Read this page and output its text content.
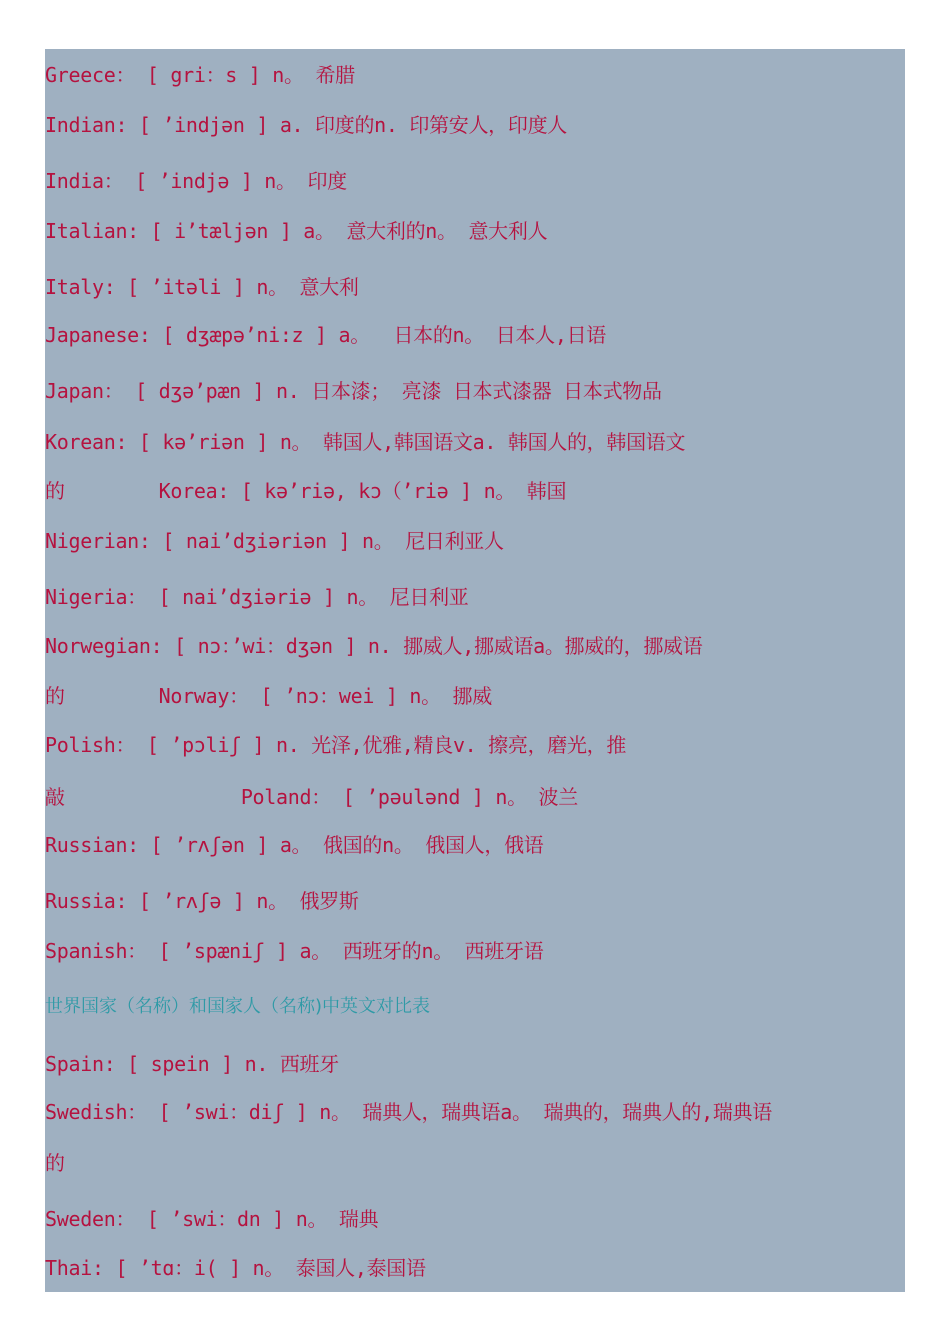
Greece： [ gri：s ] n。 希腊
Indian: [ ’indjən ] a. 印度的n. 印第安人，印度人
India： [ ’indjə ] n。 印度
Italian: [ i’tæljən ] a。 意大利的n。 意大利人
Italy: [ ’itəli ] n。 意大利
Japanese: [ dʒæpə’ni:z ] a。  日本的n。 日本人,日语
Japan： [ dʒə’pæn ] n. 日本漆； 亮漆 日本式漆器 日本式物品
Korean: [ kə’riən ] n。 韩国人,韩国语文a. 韩国人的，韩国语文
的        Korea: [ kə’riə, kɔ（’riə ] n。 韩国
Nigerian: [ nai’dʒiəriən ] n。 尼日利亚人
Nigeria： [ nai’dʒiəriə ] n。 尼日利亚
Norwegian: [ nɔ：’wi：dʒən ] n. 挪威人,挪威语a。挪威的，挪威语
的        Norway： [ ’nɔ：wei ] n。 挪威
Polish： [ ’pɔliʃ ] n. 光泽,优雅,精良v. 擦亮，磨光，推
敲               Poland： [ ’pəulənd ] n。 波兰
Russian: [ ’rʌʃən ] a。 俄国的n。 俄国人，俄语
Russia: [ ’rʌʃə ] n。 俄罗斯
Spanish： [ ’spæniʃ ] a。 西班牙的n。 西班牙语
世界国家（名称）和国家人（名称)中英文对比表
Spain: [ spein ] n. 西班牙
Swedish： [ ’swi：diʃ ] n。 瑞典人，瑞典语a。 瑞典的，瑞典人的,瑞典语
的
Sweden： [ ’swi：dn ] n。 瑞典
Thai: [ ’tɑ：i( ] n。 泰国人,泰国语
